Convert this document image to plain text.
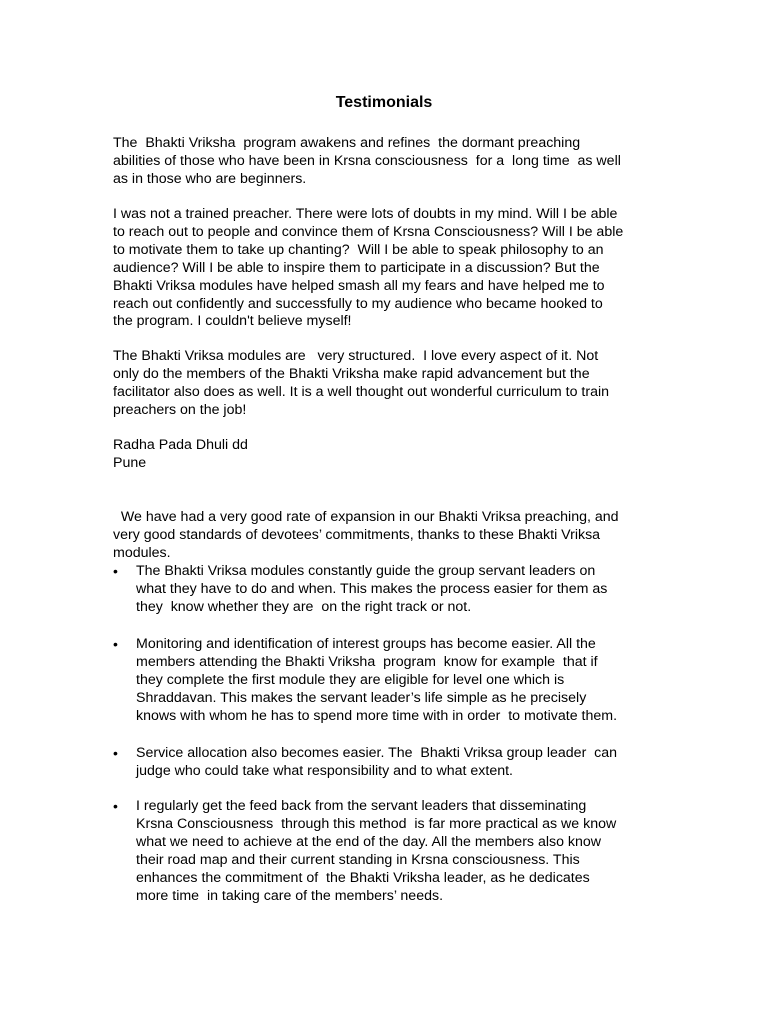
Testimonials
The  Bhakti Vriksha  program awakens and refines  the dormant preaching
abilities of those who have been in Krsna consciousness  for a  long time  as well
as in those who are beginners.
I was not a trained preacher. There were lots of doubts in my mind. Will I be able
to reach out to people and convince them of Krsna Consciousness? Will I be able
to motivate them to take up chanting?  Will I be able to speak philosophy to an
audience? Will I be able to inspire them to participate in a discussion? But the
Bhakti Vriksa modules have helped smash all my fears and have helped me to
reach out confidently and successfully to my audience who became hooked to
the program. I couldn't believe myself!
The Bhakti Vriksa modules are   very structured.  I love every aspect of it. Not
only do the members of the Bhakti Vriksha make rapid advancement but the
facilitator also does as well. It is a well thought out wonderful curriculum to train
preachers on the job!
Radha Pada Dhuli dd
Pune
We have had a very good rate of expansion in our Bhakti Vriksa preaching, and
very good standards of devotees’ commitments, thanks to these Bhakti Vriksa
modules.
•	The Bhakti Vriksa modules constantly guide the group servant leaders on
what they have to do and when. This makes the process easier for them as
they  know whether they are  on the right track or not.
•	Monitoring and identification of interest groups has become easier. All the
members attending the Bhakti Vriksha  program  know for example  that if
they complete the first module they are eligible for level one which is
Shraddavan. This makes the servant leader’s life simple as he precisely
knows with whom he has to spend more time with in order  to motivate them.
•	Service allocation also becomes easier. The  Bhakti Vriksa group leader  can
judge who could take what responsibility and to what extent.
•	I regularly get the feed back from the servant leaders that disseminating
Krsna Consciousness  through this method  is far more practical as we know
what we need to achieve at the end of the day. All the members also know
their road map and their current standing in Krsna consciousness. This
enhances the commitment of  the Bhakti Vriksha leader, as he dedicates
more time  in taking care of the members’ needs.
